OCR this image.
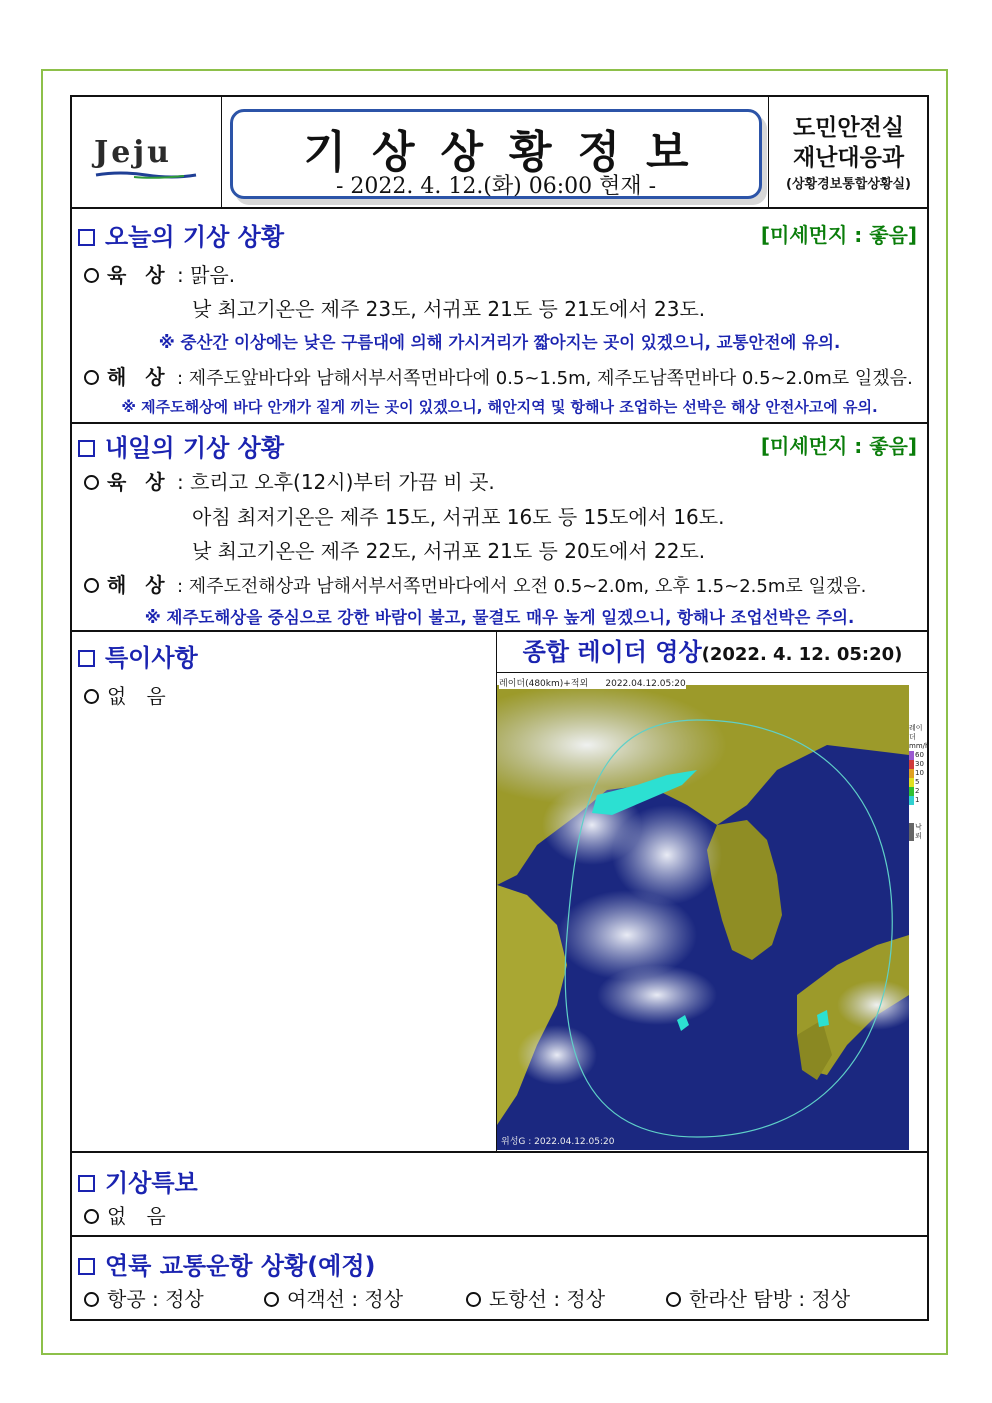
Jeju	기상상황정보
- 2022. 4. 12.(화) 06:00 현재 -
도민안전실
재난대응과
(상황경보통합상황실)
오늘의 기상 상황	[미세먼지 : 좋음]
육 상 : 맑음.
낮 최고기온은 제주 23도, 서귀포 21도 등 21도에서 23도.
※ 중산간 이상에는 낮은 구름대에 의해 가시거리가 짧아지는 곳이 있겠으니, 교통안전에 유의.
해 상 : 제주도앞바다와 남해서부서쪽먼바다에 0.5~1.5m, 제주도남쪽먼바다 0.5~2.0m로 일겠음.
※ 제주도해상에 바다 안개가 짙게 끼는 곳이 있겠으니, 해안지역 및 항해나 조업하는 선박은 해상 안전사고에 유의.
내일의 기상 상황	[미세먼지 : 좋음]
육 상 : 흐리고 오후(12시)부터 가끔 비 곳.
아침 최저기온은 제주 15도, 서귀포 16도 등 15도에서 16도.
낮 최고기온은 제주 22도, 서귀포 21도 등 20도에서 22도.
해 상 : 제주도전해상과 남해서부서쪽먼바다에서 오전 0.5~2.0m, 오후 1.5~2.5m로 일겠음.
※ 제주도해상을 중심으로 강한 바람이 불고, 물결도 매우 높게 일겠으니, 항해나 조업선박은 주의.
특이사항
없　음
종합 레이더 영상(2022. 4. 12. 05:20)
레이더(480km)+적외 2022.04.12.05:20
레이더
mm/h
60
30
10
5
2
1
낙뢰
위성G : 2022.04.12.05:20
기상특보
없　음
연륙 교통운항 상황(예정)
항공 : 정상	여객선 : 정상	도항선 : 정상	한라산 탐방 : 정상
